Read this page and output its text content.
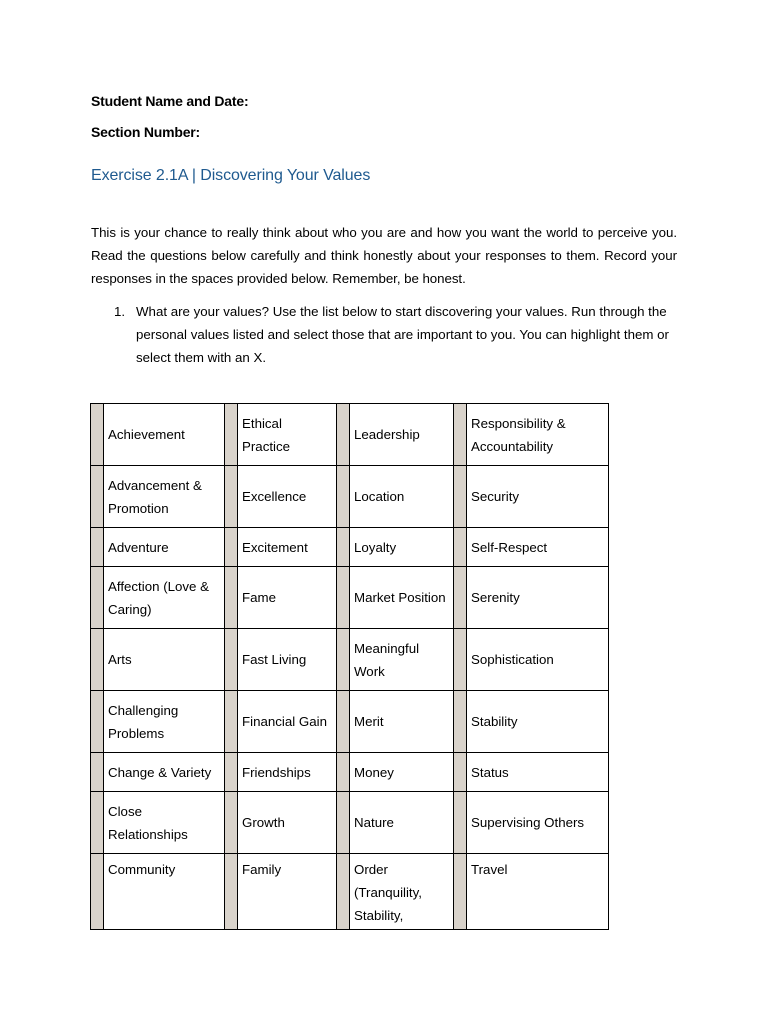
Student Name and Date:
Section Number:
Exercise 2.1A | Discovering Your Values
This is your chance to really think about who you are and how you want the world to perceive you. Read the questions below carefully and think honestly about your responses to them. Record your responses in the spaces provided below. Remember, be honest.
1. What are your values? Use the list below to start discovering your values. Run through the personal values listed and select those that are important to you. You can highlight them or select them with an X.
	Achievement		Ethical Practice		Leadership		Responsibility & Accountability
	Advancement & Promotion		Excellence		Location		Security
	Adventure		Excitement		Loyalty		Self-Respect
	Affection (Love & Caring)		Fame		Market Position		Serenity
	Arts		Fast Living		Meaningful Work		Sophistication
	Challenging Problems		Financial Gain		Merit		Stability
	Change & Variety		Friendships		Money		Status
	Close Relationships		Growth		Nature		Supervising Others
	Community		Family		Order (Tranquility, Stability,		Travel
